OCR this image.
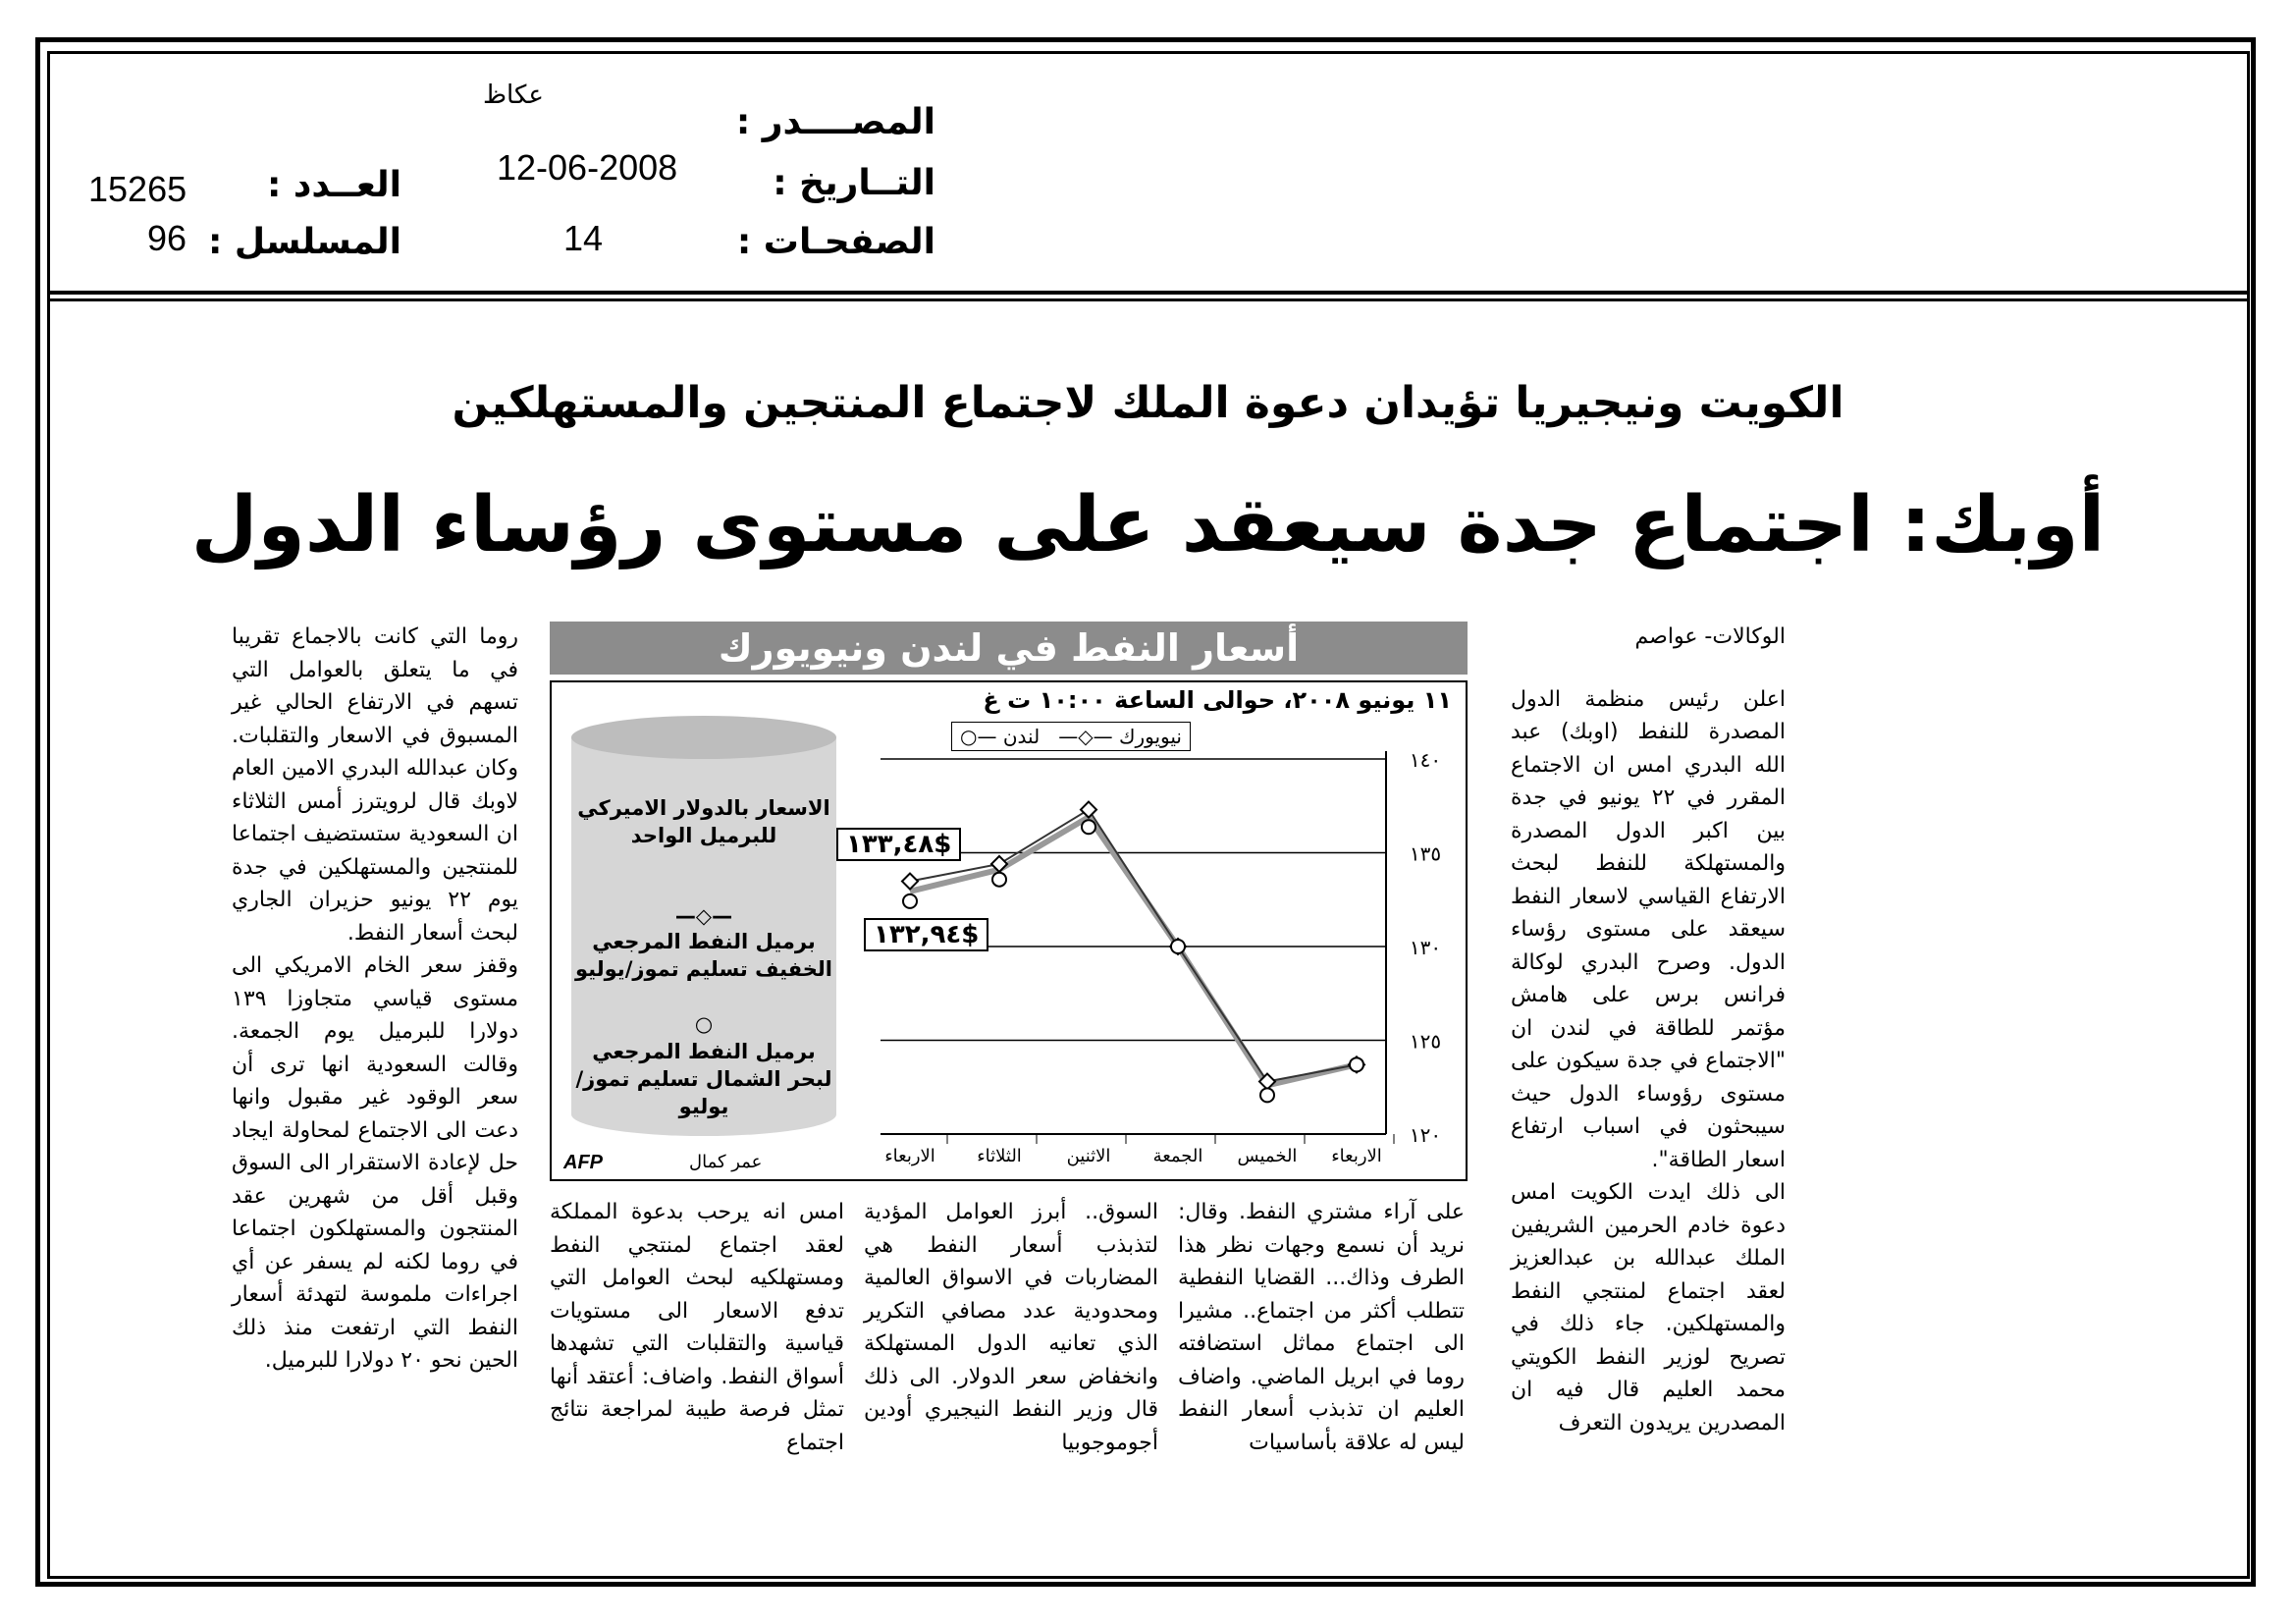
المصــــدر :
عكاظ
التــاريخ :
12-06-2008
الصفحـات :
14
العــدد :
15265
المسلسل :
96
الكويت ونيجيريا تؤيدان دعوة الملك لاجتماع المنتجين والمستهلكين
أوبك: اجتماع جدة سيعقد على مستوى رؤساء الدول

الوكالات- عواصم

اعلن رئيس منظمة الدول المصدرة للنفط (اوبك) عبد الله البدري امس ان الاجتماع المقرر في ٢٢ يونيو في جدة بين اكبر الدول المصدرة والمستهلكة للنفط لبحث الارتفاع القياسي لاسعار النفط سيعقد على مستوى رؤساء الدول. وصرح البدري لوكالة فرانس برس على هامش مؤتمر للطاقة في لندن ان "الاجتماع في جدة سيكون على مستوى رؤوساء الدول حيث سيبحثون في اسباب ارتفاع اسعار الطاقة".

الى ذلك ايدت الكويت امس دعوة خادم الحرمين الشريفين الملك عبدالله بن عبدالعزيز لعقد اجتماع لمنتجي النفط والمستهلكين. جاء ذلك في تصريح لوزير النفط الكويتي محمد العليم قال فيه ان المصدرين يريدون التعرف

روما التي كانت بالاجماع تقريبا في ما يتعلق بالعوامل التي تسهم في الارتفاع الحالي غير المسبوق في الاسعار والتقلبات. وكان عبدالله البدري الامين العام لاوبك قال لرويترز أمس الثلاثاء ان السعودية ستستضيف اجتماعا للمنتجين والمستهلكين في جدة يوم ٢٢ يونيو حزيران الجاري لبحث أسعار النفط.

وقفز سعر الخام الامريكي الى مستوى قياسي متجاوزا ١٣٩ دولارا للبرميل يوم الجمعة. وقالت السعودية انها ترى أن سعر الوقود غير مقبول وانها دعت الى الاجتماع لمحاولة ايجاد حل لإعادة الاستقرار الى السوق وقبل أقل من شهرين عقد المنتجون والمستهلكون اجتماعا في روما لكنه لم يسفر عن أي اجراءات ملموسة لتهدئة أسعار النفط التي ارتفعت منذ ذلك الحين نحو ٢٠ دولارا للبرميل.

على آراء مشتري النفط. وقال: نريد أن نسمع وجهات نظر هذا الطرف وذاك... القضايا النفطية تتطلب أكثر من اجتماع.. مشيرا الى اجتماع مماثل استضافته روما في ابريل الماضي. واضاف العليم ان تذبذب أسعار النفط ليس له علاقة بأساسيات

السوق.. أبرز العوامل المؤدية لتذبذب أسعار النفط هي المضاربات في الاسواق العالمية ومحدودية عدد مصافي التكرير الذي تعانيه الدول المستهلكة وانخفاض سعر الدولار. الى ذلك قال وزير النفط النيجيري أودين أجوموجوبيا

امس انه يرحب بدعوة المملكة لعقد اجتماع لمنتجي النفط ومستهلكيه لبحث العوامل التي تدفع الاسعار الى مستويات قياسية والتقلبات التي تشهدها أسواق النفط. واضاف: أعتقد أنها تمثل فرصة طيبة لمراجعة نتائج اجتماع

أسعار النفط في لندن ونيويورك
١١ يونيو ٢٠٠٨، حوالى الساعة ١٠:٠٠ ت غ
نيويورك —◇—   لندن —○
الاسعار بالدولار الاميركي للبرميل الواحد
—◇—
برميل النفط المرجعي الخفيف تسليم تموز/يوليو
○
برميل النفط المرجعي لبحر الشمال تسليم تموز/يوليو
١٢٠
١٢٥
١٣٠
١٣٥
١٤٠
الاربعاء الثلاثاء	الاثنين الجمعة الخميس الاربعاء
$١٣٣,٤٨
$١٣٢,٩٤
AFP	عمر كمال
